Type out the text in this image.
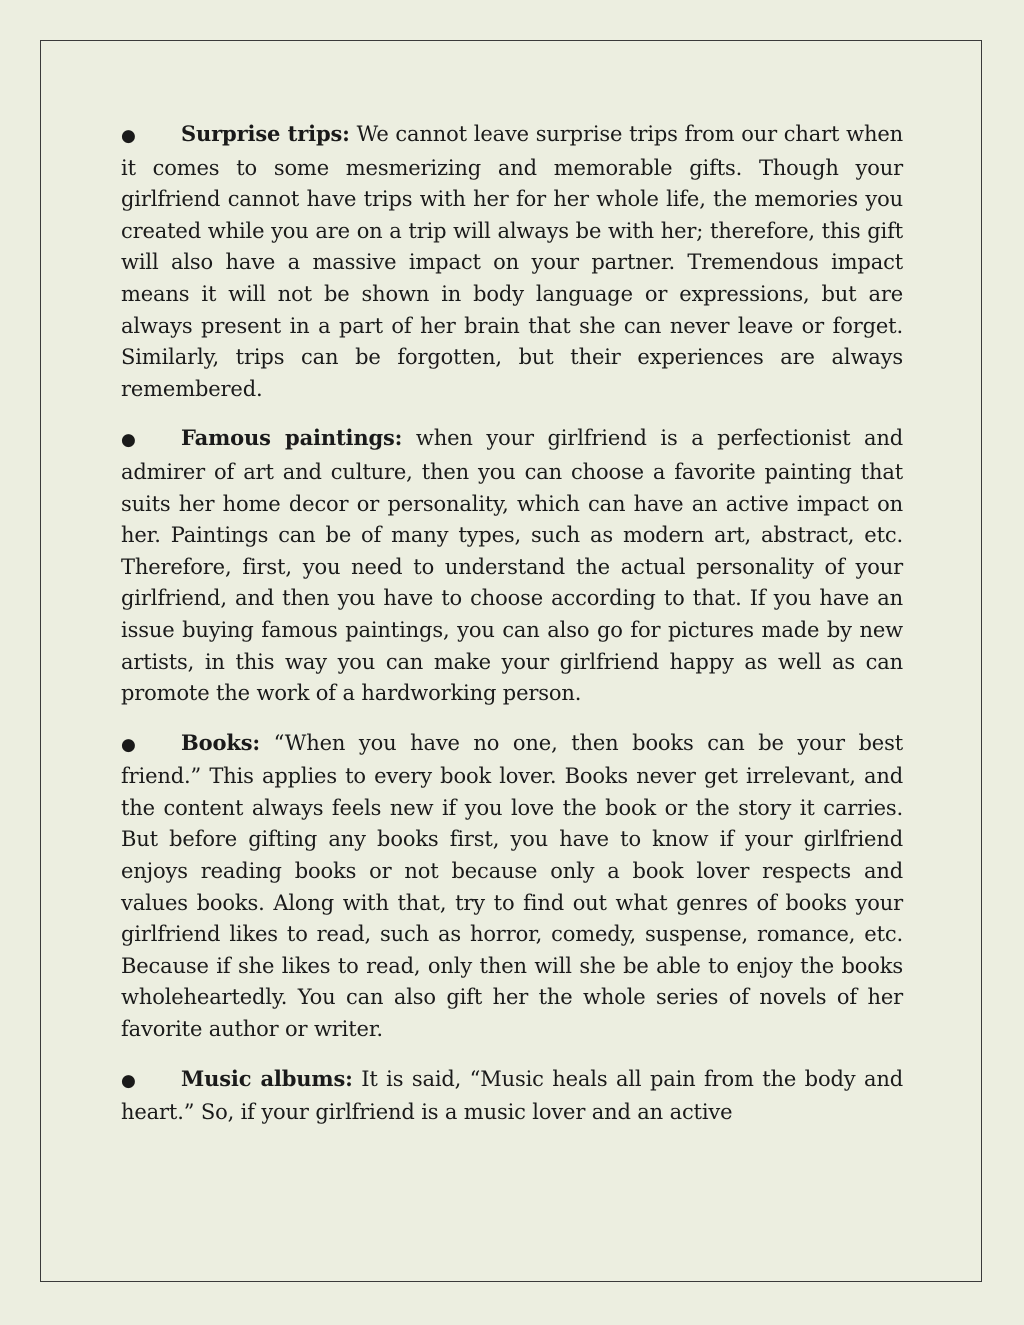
● Surprise trips: We cannot leave surprise trips from our chart when it comes to some mesmerizing and memorable gifts. Though your girlfriend cannot have trips with her for her whole life, the memories you created while you are on a trip will always be with her; therefore, this gift will also have a massive impact on your partner. Tremendous impact means it will not be shown in body language or expressions, but are always present in a part of her brain that she can never leave or forget. Similarly, trips can be forgotten, but their experiences are always remembered.

● Famous paintings: when your girlfriend is a perfectionist and admirer of art and culture, then you can choose a favorite painting that suits her home decor or personality, which can have an active impact on her. Paintings can be of many types, such as modern art, abstract, etc. Therefore, first, you need to understand the actual personality of your girlfriend, and then you have to choose according to that. If you have an issue buying famous paintings, you can also go for pictures made by new artists, in this way you can make your girlfriend happy as well as can promote the work of a hardworking person.

● Books: “When you have no one, then books can be your best friend.” This applies to every book lover. Books never get irrelevant, and the content always feels new if you love the book or the story it carries. But before gifting any books first, you have to know if your girlfriend enjoys reading books or not because only a book lover respects and values books. Along with that, try to find out what genres of books your girlfriend likes to read, such as horror, comedy, suspense, romance, etc. Because if she likes to read, only then will she be able to enjoy the books wholeheartedly. You can also gift her the whole series of novels of her favorite author or writer.

● Music albums: It is said, “Music heals all pain from the body and heart.” So, if your girlfriend is a music lover and an active
